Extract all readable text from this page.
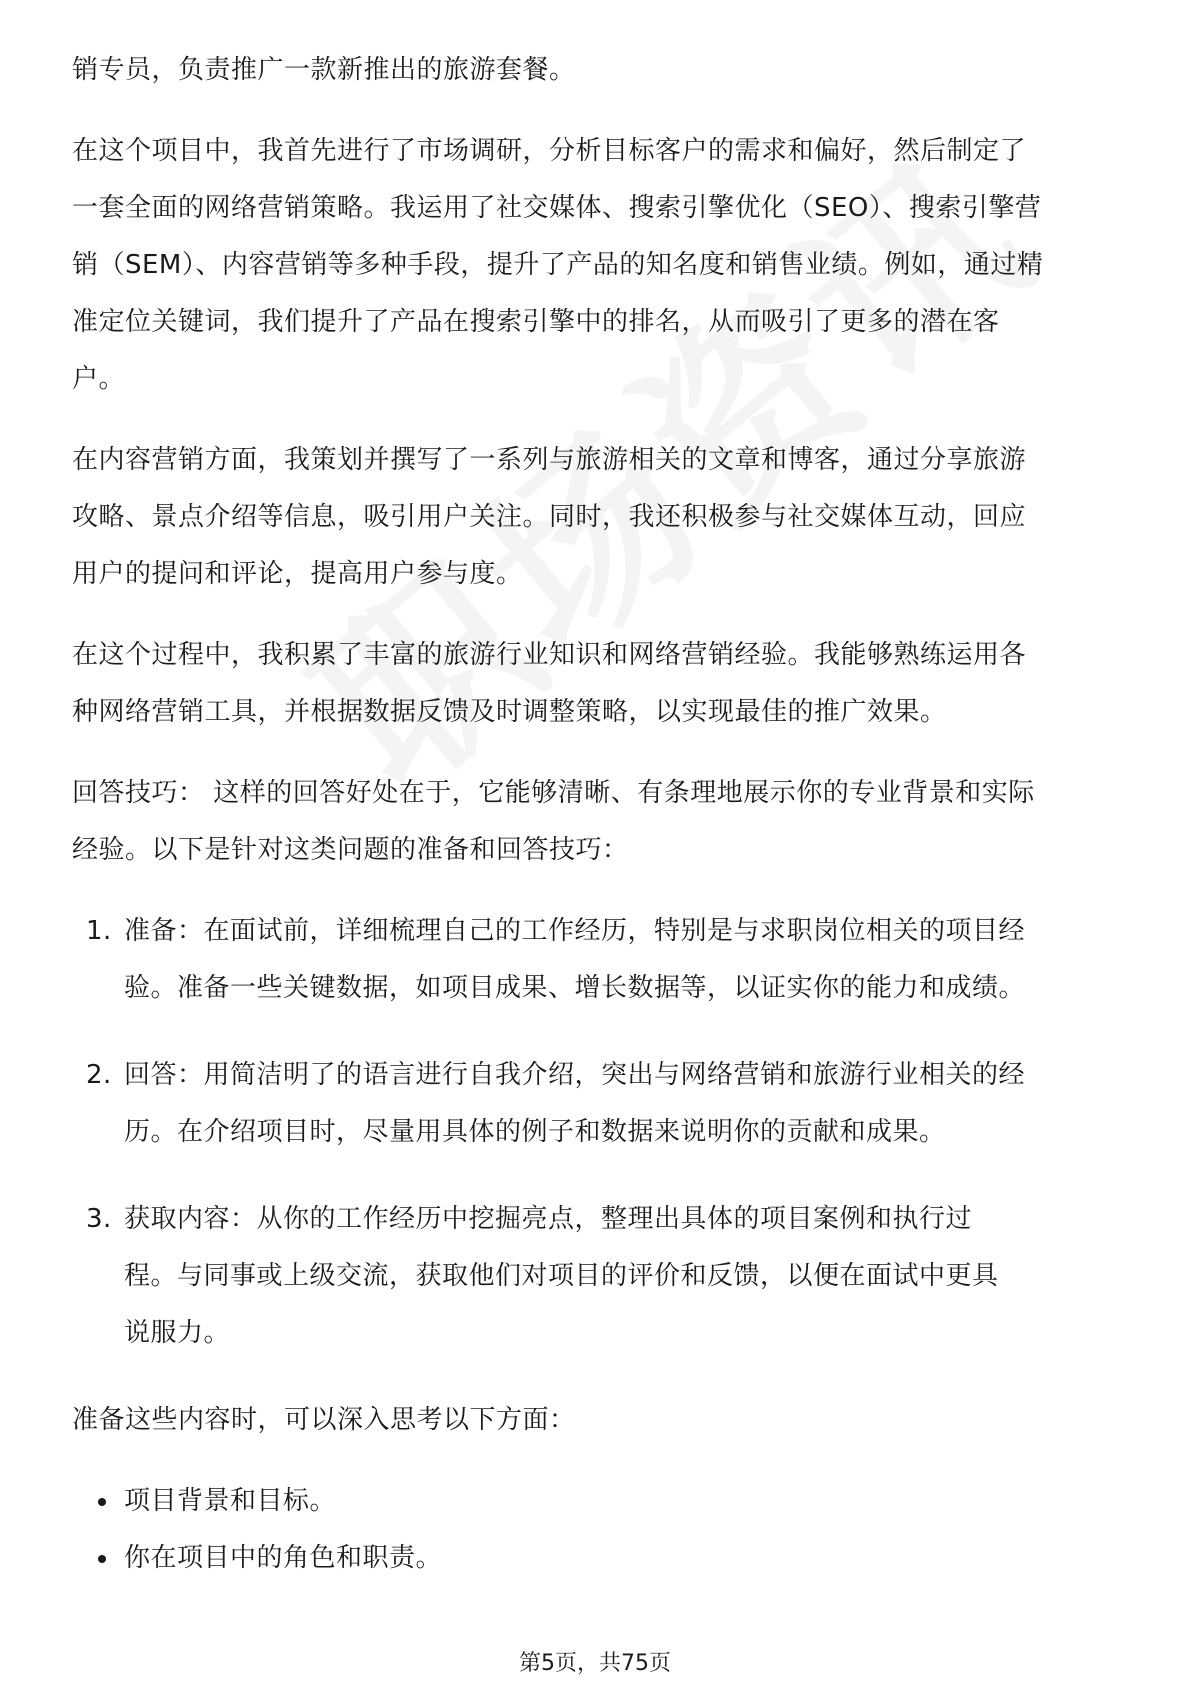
销专员，负责推广一款新推出的旅游套餐。

在这个项目中，我首先进行了市场调研，分析目标客户的需求和偏好，然后制定了一套全面的网络营销策略。我运用了社交媒体、搜索引擎优化（SEO）、搜索引擎营销（SEM）、内容营销等多种手段，提升了产品的知名度和销售业绩。例如，通过精准定位关键词，我们提升了产品在搜索引擎中的排名，从而吸引了更多的潜在客户。

在内容营销方面，我策划并撰写了一系列与旅游相关的文章和博客，通过分享旅游攻略、景点介绍等信息，吸引用户关注。同时，我还积极参与社交媒体互动，回应用户的提问和评论，提高用户参与度。

在这个过程中，我积累了丰富的旅游行业知识和网络营销经验。我能够熟练运用各种网络营销工具，并根据数据反馈及时调整策略，以实现最佳的推广效果。

回答技巧： 这样的回答好处在于，它能够清晰、有条理地展示你的专业背景和实际经验。以下是针对这类问题的准备和回答技巧：

1. 准备：在面试前，详细梳理自己的工作经历，特别是与求职岗位相关的项目经验。准备一些关键数据，如项目成果、增长数据等，以证实你的能力和成绩。
2. 回答：用简洁明了的语言进行自我介绍，突出与网络营销和旅游行业相关的经历。在介绍项目时，尽量用具体的例子和数据来说明你的贡献和成果。
3. 获取内容：从你的工作经历中挖掘亮点，整理出具体的项目案例和执行过程。与同事或上级交流，获取他们对项目的评价和反馈，以便在面试中更具说服力。

准备这些内容时，可以深入思考以下方面：

项目背景和目标。
你在项目中的角色和职责。
第5页，共75页
